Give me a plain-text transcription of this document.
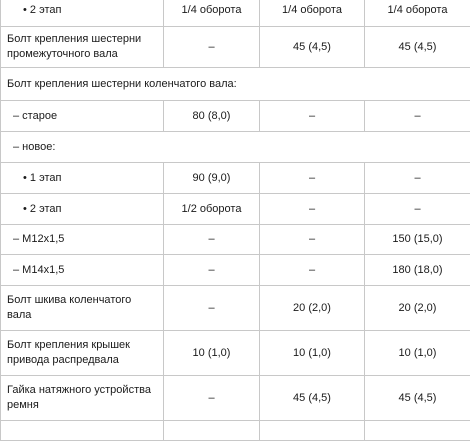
• 2 этап	1/4 оборота	1/4 оборота	1/4 оборота
Болт крепления шестерни промежуточного вала	–	45 (4,5)	45 (4,5)
Болт крепления шестерни коленчатого вала:			
– старое	80 (8,0)	–	–
– новое:			
• 1 этап	90 (9,0)	–	–
• 2 этап	1/2 оборота	–	–
– M12x1,5	–	–	150 (15,0)
– M14x1,5	–	–	180 (18,0)
Болт шкива коленчатого вала	–	20 (2,0)	20 (2,0)
Болт крепления крышек привода распредвала	10 (1,0)	10 (1,0)	10 (1,0)
Гайка натяжного устройства ремня	–	45 (4,5)	45 (4,5)
